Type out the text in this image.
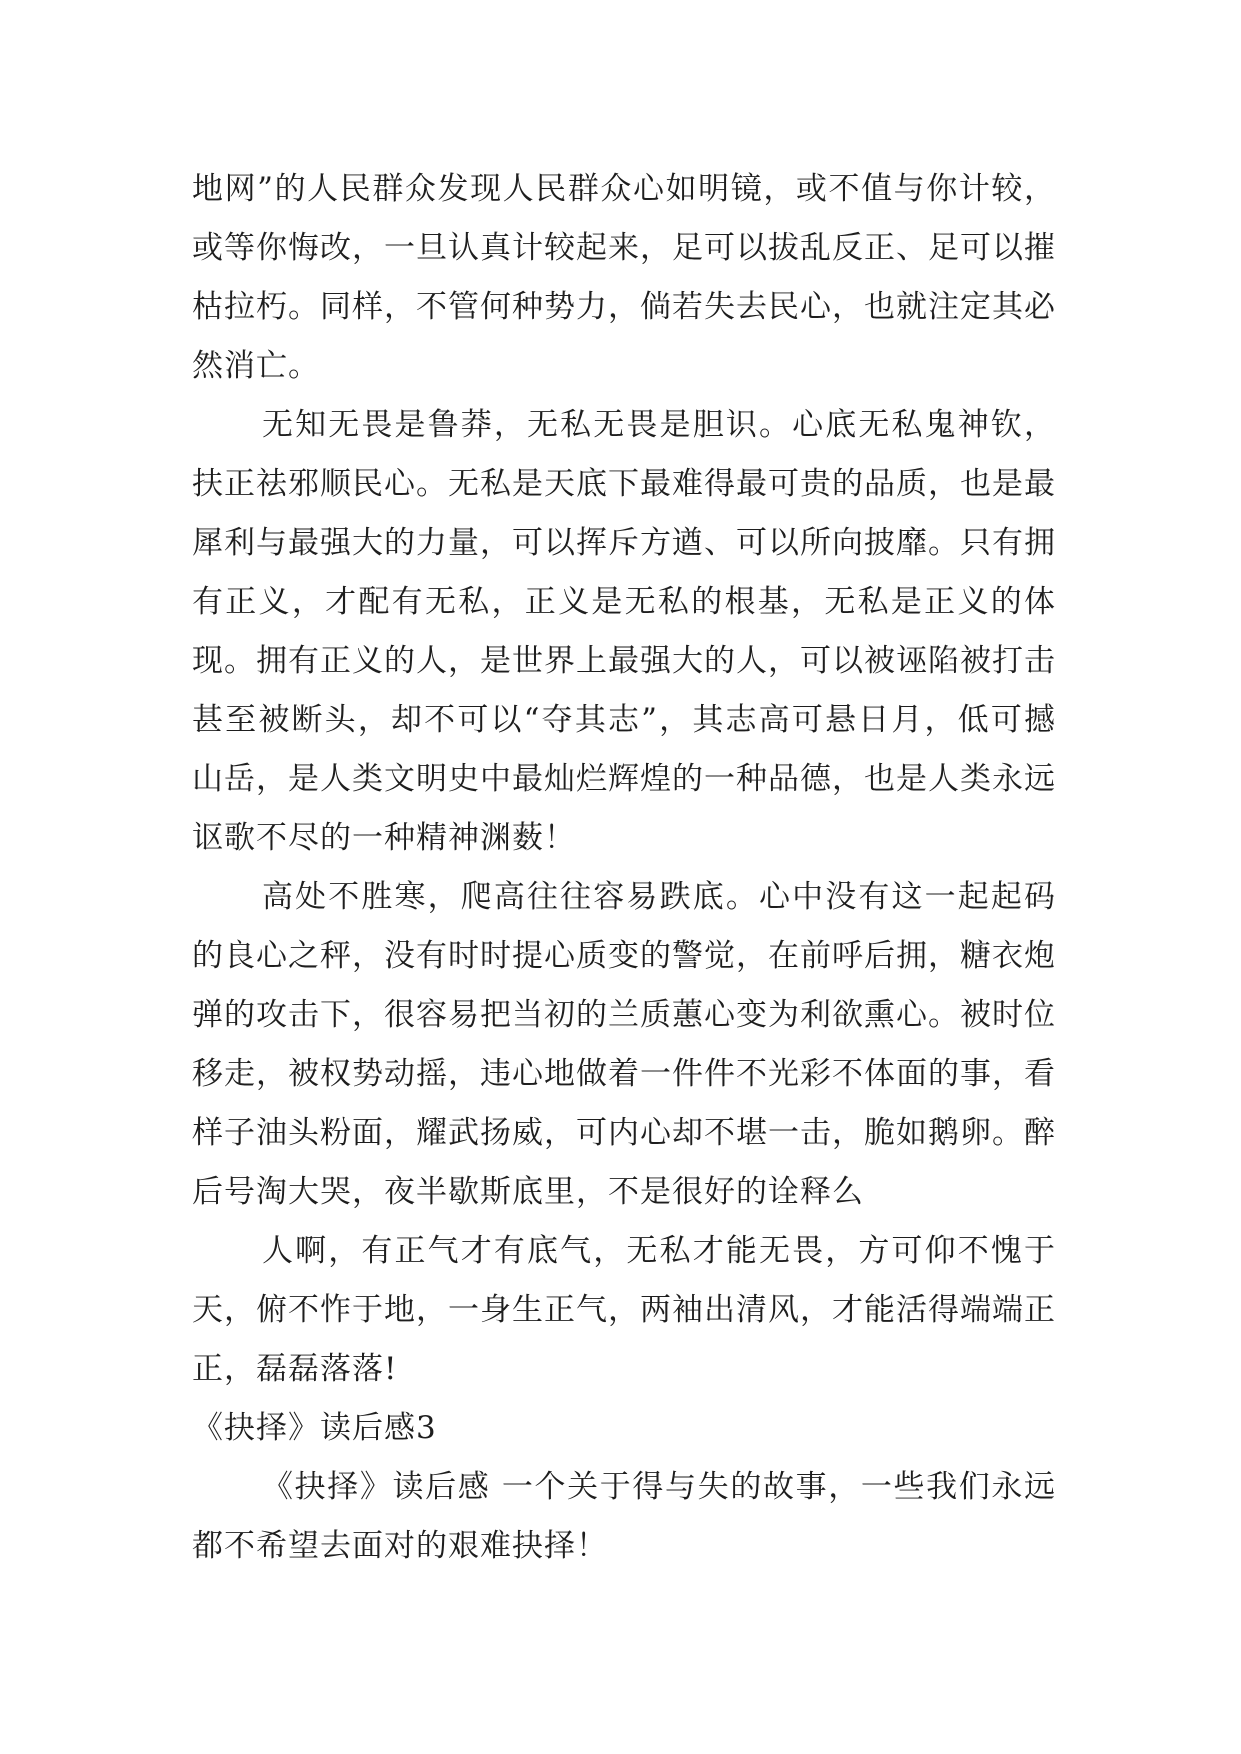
地网”的人民群众发现人民群众心如明镜，或不值与你计较，或等你悔改，一旦认真计较起来，足可以拔乱反正、足可以摧枯拉朽。同样，不管何种势力，倘若失去民心，也就注定其必然消亡。

无知无畏是鲁莽，无私无畏是胆识。心底无私鬼神钦，扶正祛邪顺民心。无私是天底下最难得最可贵的品质，也是最犀利与最强大的力量，可以挥斥方遒、可以所向披靡。只有拥有正义，才配有无私，正义是无私的根基，无私是正义的体现。拥有正义的人，是世界上最强大的人，可以被诬陷被打击甚至被断头，却不可以“夺其志”，其志高可悬日月，低可撼山岳，是人类文明史中最灿烂辉煌的一种品德，也是人类永远讴歌不尽的一种精神渊薮！

高处不胜寒，爬高往往容易跌底。心中没有这一起起码的良心之秤，没有时时提心质变的警觉，在前呼后拥，糖衣炮弹的攻击下，很容易把当初的兰质蕙心变为利欲熏心。被时位移走，被权势动摇，违心地做着一件件不光彩不体面的事，看样子油头粉面，耀武扬威，可内心却不堪一击，脆如鹅卵。醉后号淘大哭，夜半歇斯底里，不是很好的诠释么

人啊，有正气才有底气，无私才能无畏，方可仰不愧于天，俯不怍于地，一身生正气，两袖出清风，才能活得端端正正，磊磊落落!

《抉择》读后感3

《抉择》读后感 一个关于得与失的故事，一些我们永远都不希望去面对的艰难抉择！
